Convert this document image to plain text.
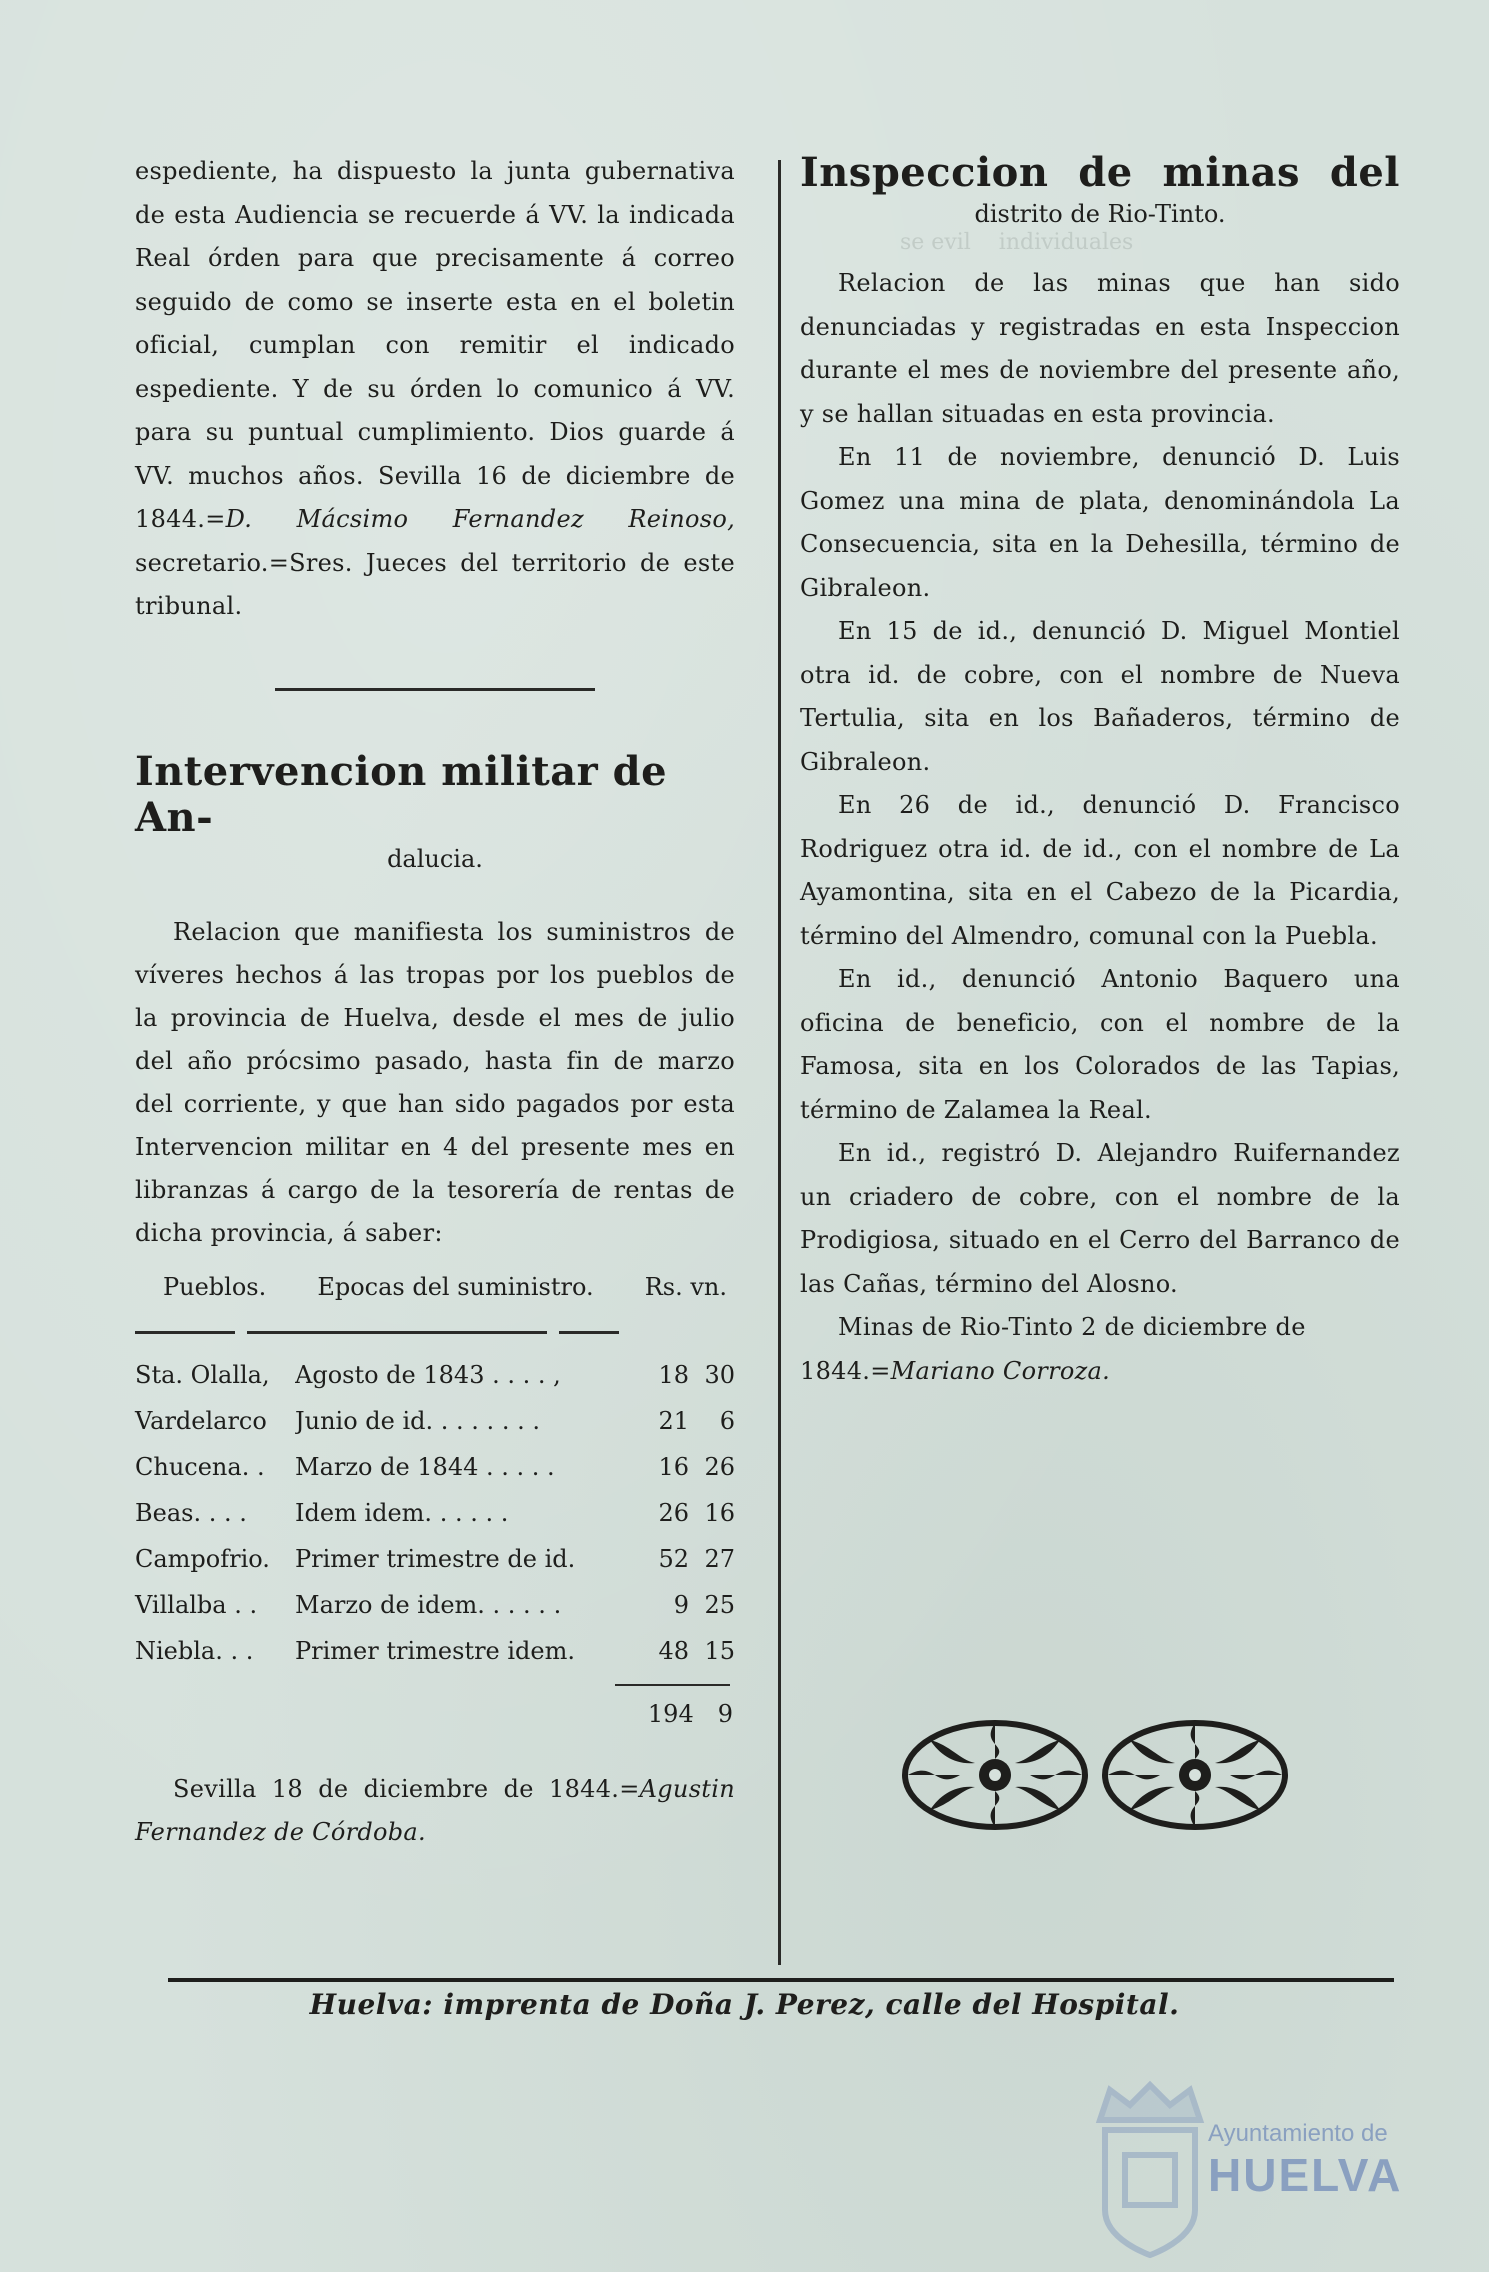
se evil    individuales

espediente, ha dispuesto la junta gubernativa de esta Audiencia se recuerde á VV. la indicada Real órden para que precisamente á correo seguido de como se inserte esta en el boletin oficial, cumplan con remitir el indicado espediente. Y de su órden lo comunico á VV. para su puntual cumplimiento. Dios guarde á VV. muchos años. Sevilla 16 de diciembre de 1844.=D. Mácsimo Fernandez Reinoso, secretario.=Sres. Jueces del territorio de este tribunal.

Intervencion militar de An-

dalucia.

Relacion que manifiesta los suministros de víveres hechos á las tropas por los pueblos de la provincia de Huelva, desde el mes de julio del año prócsimo pasado, hasta fin de marzo del corriente, y que han sido pagados por esta Intervencion militar en 4 del presente mes en libranzas á cargo de la tesorería de rentas de dicha provincia, á saber:

Pueblos. Epocas del suministro. Rs. vn.
Sta. Olalla,	Agosto de 1843 . . . . ,	18 30
Vardelarco	Junio de id. . . . . . . .	21	6
Chucena. .	Marzo de 1844 . . . . .	16 26
Beas. . . .	Idem idem. . . . . .	26 16
Campofrio.	Primer trimestre de id.	52 27
Villalba . .	Marzo de idem. . . . . .	9 25
Niebla. . .	Primer trimestre idem.	48 15
194 9

Sevilla 18 de diciembre de 1844.=Agustin Fernandez de Córdoba.

Inspeccion de minas del

distrito de Rio-Tinto.

Relacion de las minas que han sido denunciadas y registradas en esta Inspeccion durante el mes de noviembre del presente año, y se hallan situadas en esta provincia.

En 11 de noviembre, denunció D. Luis Gomez una mina de plata, denominándola La Consecuencia, sita en la Dehesilla, término de Gibraleon.

En 15 de id., denunció D. Miguel Montiel otra id. de cobre, con el nombre de Nueva Tertulia, sita en los Bañaderos, término de Gibraleon.

En 26 de id., denunció D. Francisco Rodriguez otra id. de id., con el nombre de La Ayamontina, sita en el Cabezo de la Picardia, término del Almendro, comunal con la Puebla.

En id., denunció Antonio Baquero una oficina de beneficio, con el nombre de la Famosa, sita en los Colorados de las Tapias, término de Zalamea la Real.

En id., registró D. Alejandro Ruifernandez un criadero de cobre, con el nombre de la Prodigiosa, situado en el Cerro del Barranco de las Cañas, término del Alosno.

Minas de Rio-Tinto 2 de diciembre de

1844.=Mariano Corroza.

Huelva: imprenta de Doña J. Perez, calle del Hospital.
Ayuntamiento de
HUELVA
